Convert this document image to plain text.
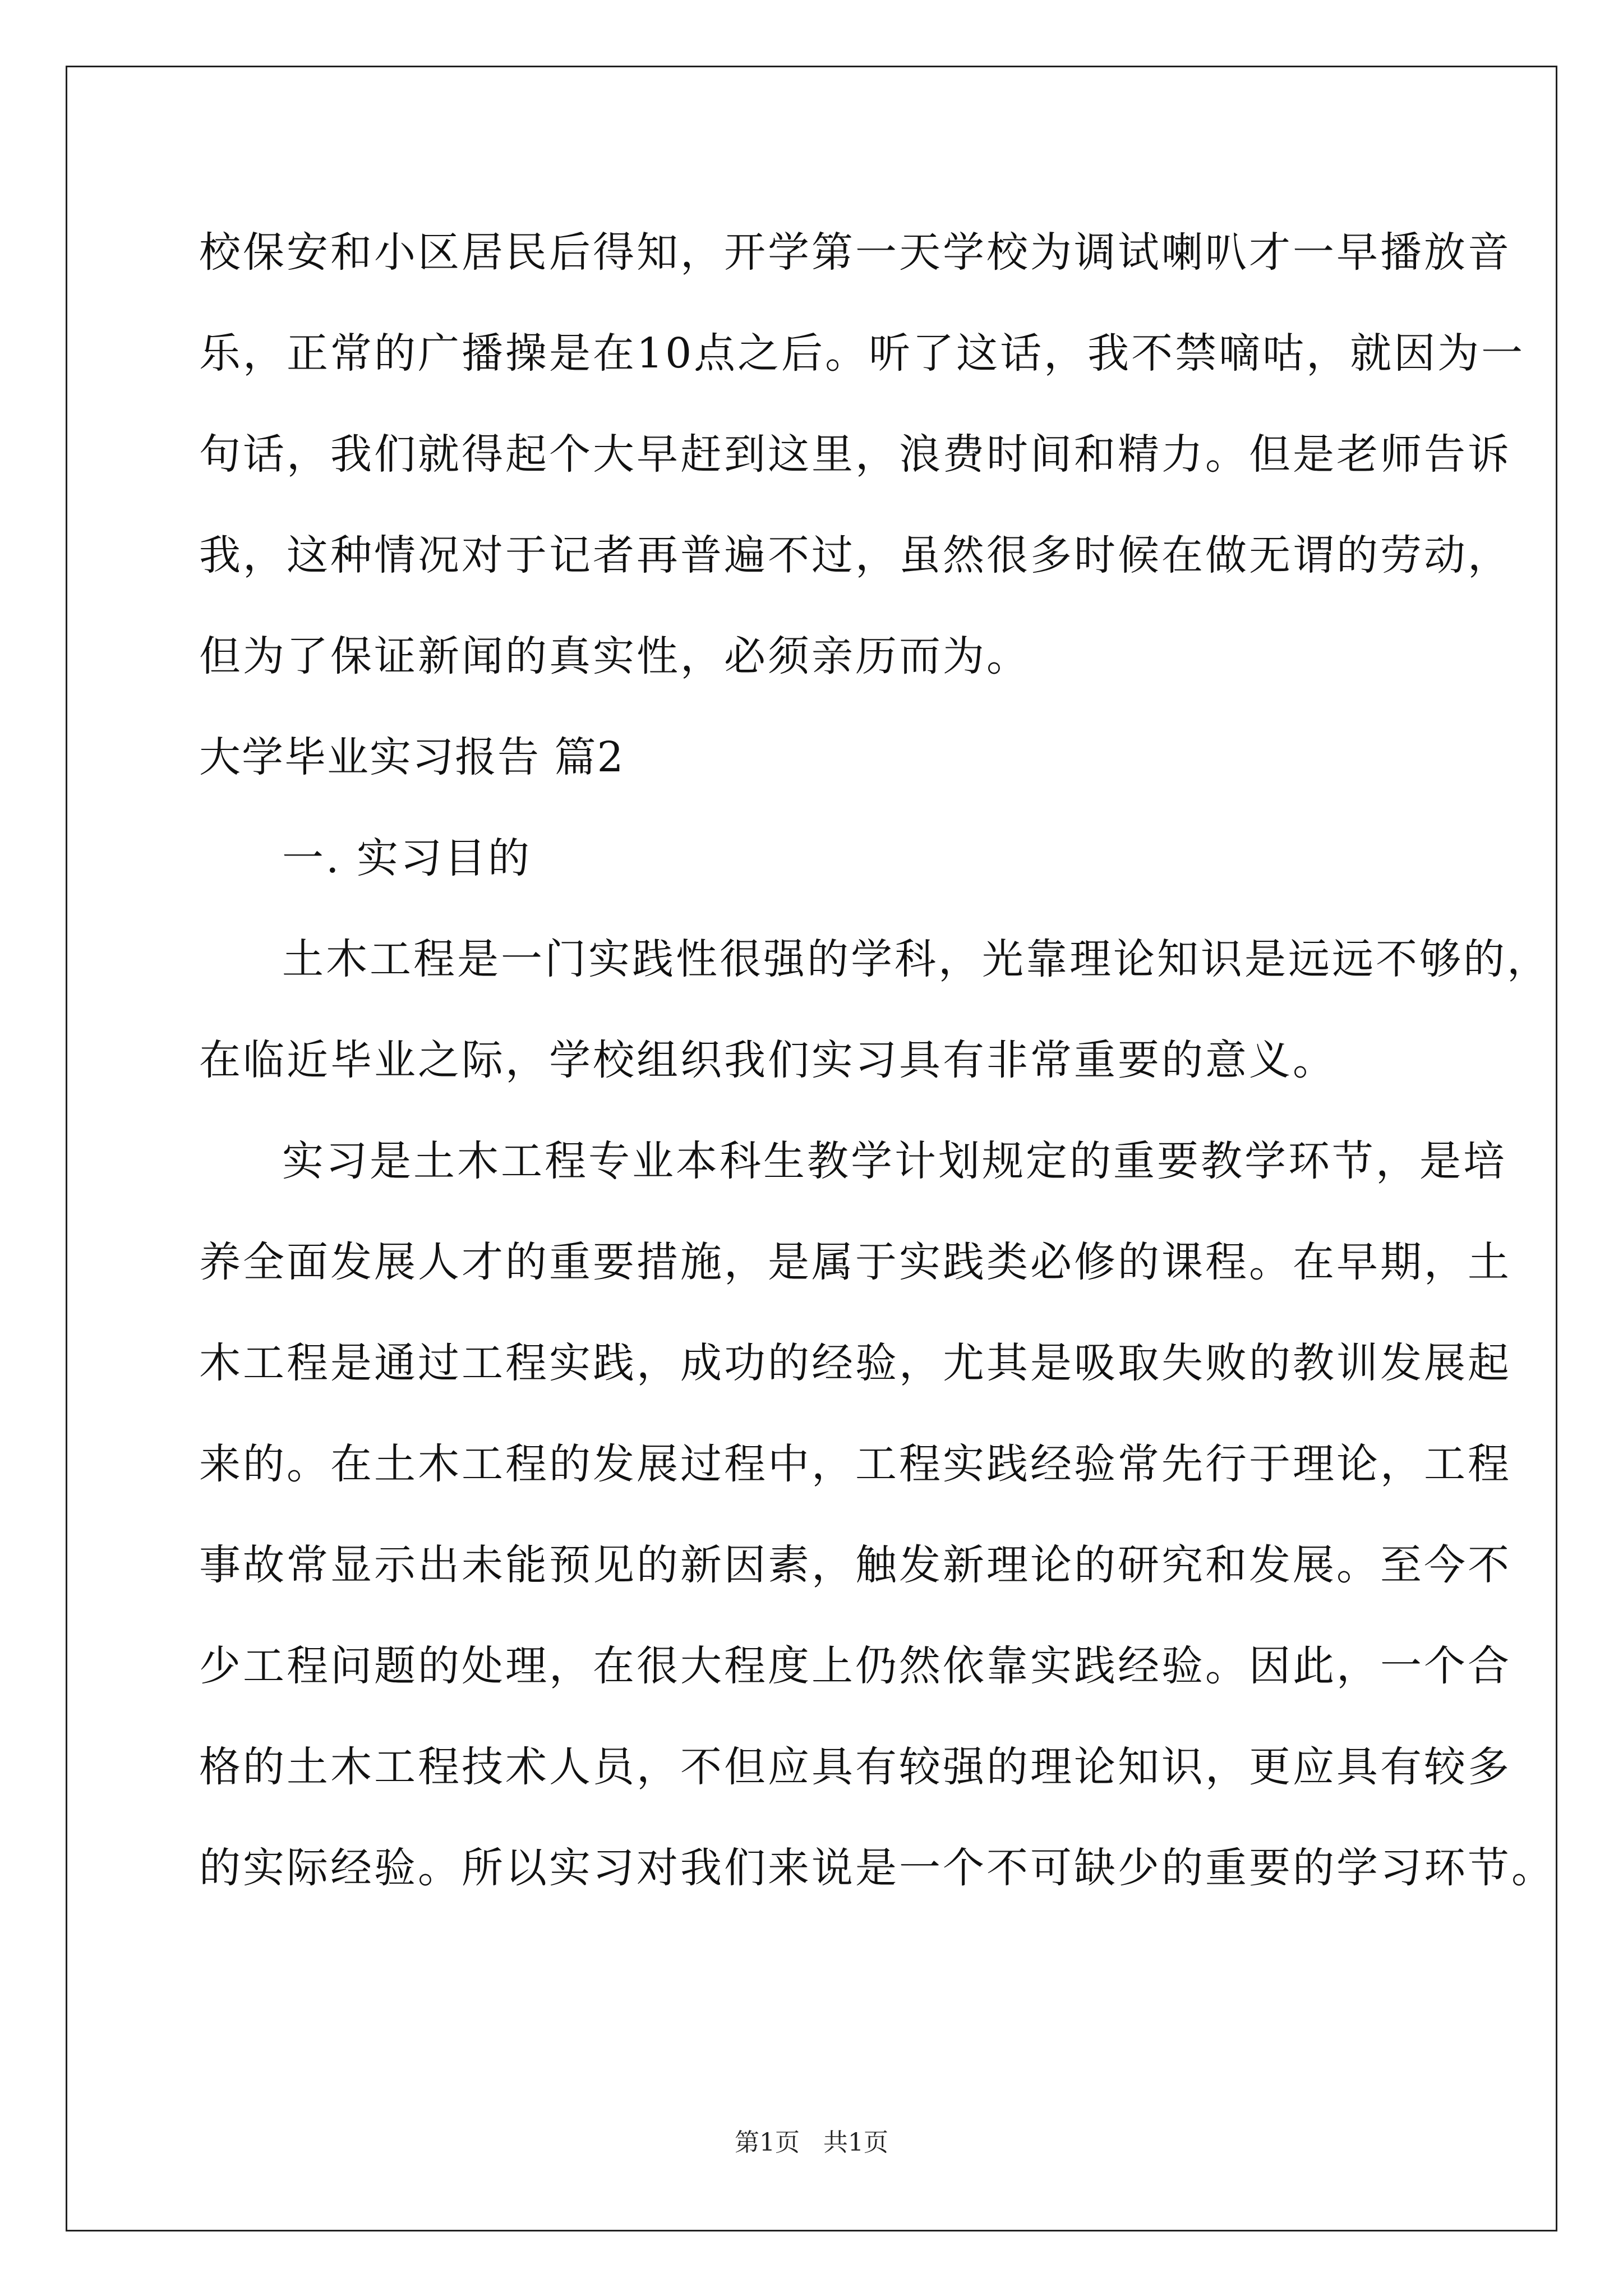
校保安和小区居民后得知，开学第一天学校为调试喇叭才一早播放音

乐，正常的广播操是在10点之后。听了这话，我不禁嘀咕，就因为一

句话，我们就得起个大早赶到这里，浪费时间和精力。但是老师告诉

我，这种情况对于记者再普遍不过，虽然很多时候在做无谓的劳动，

但为了保证新闻的真实性，必须亲历而为。

大学毕业实习报告 篇2

一. 实习目的

土木工程是一门实践性很强的学科，光靠理论知识是远远不够的，

在临近毕业之际，学校组织我们实习具有非常重要的意义。

实习是土木工程专业本科生教学计划规定的重要教学环节，是培

养全面发展人才的重要措施，是属于实践类必修的课程。在早期，土

木工程是通过工程实践，成功的经验，尤其是吸取失败的教训发展起

来的。在土木工程的发展过程中，工程实践经验常先行于理论，工程

事故常显示出未能预见的新因素，触发新理论的研究和发展。至今不

少工程问题的处理，在很大程度上仍然依靠实践经验。因此，一个合

格的土木工程技术人员，不但应具有较强的理论知识，更应具有较多

的实际经验。所以实习对我们来说是一个不可缺少的重要的学习环节。

第1页   共1页
